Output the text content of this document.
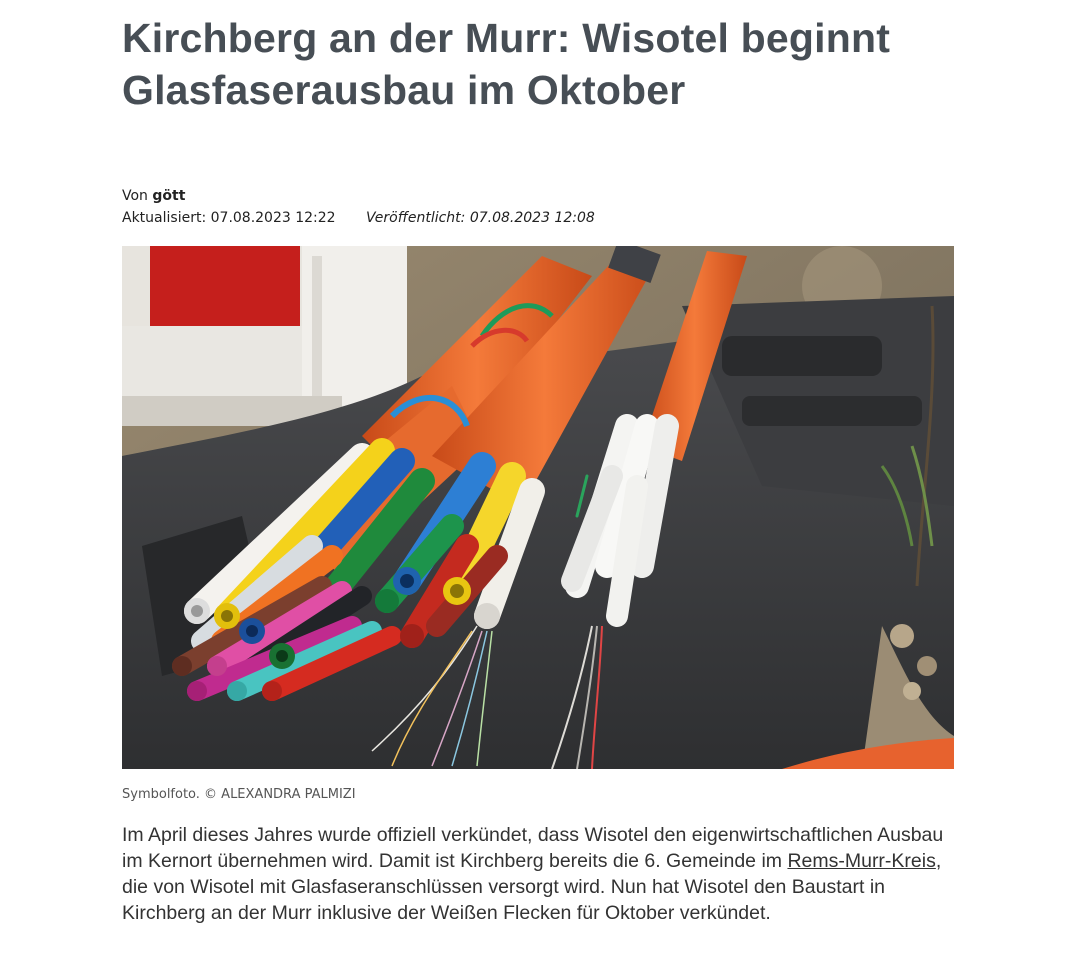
Kirchberg an der Murr: Wisotel beginnt Glasfaserausbau im Oktober
Von gött
Aktualisiert: 07.08.2023 12:22 Veröffentlicht: 07.08.2023 12:08
Symbolfoto. © ALEXANDRA PALMIZI

Im April dieses Jahres wurde offiziell verkündet, dass Wisotel den eigenwirtschaftlichen Ausbau im Kernort übernehmen wird. Damit ist Kirchberg bereits die 6. Gemeinde im Rems-Murr-Kreis, die von Wisotel mit Glasfaseranschlüssen versorgt wird. Nun hat Wisotel den Baustart in Kirchberg an der Murr inklusive der Weißen Flecken für Oktober verkündet.
